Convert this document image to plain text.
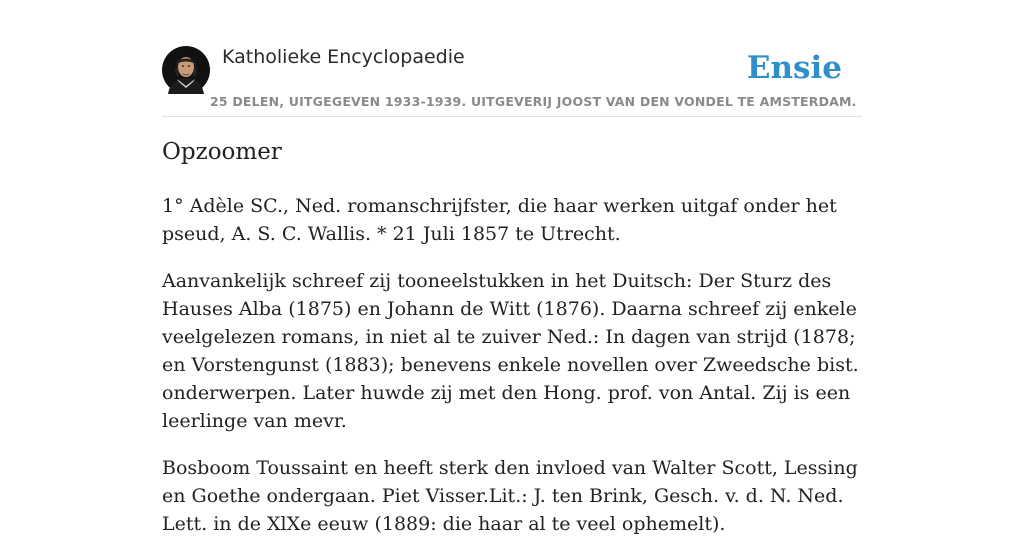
Katholieke Encyclopaedie
25 DELEN, UITGEGEVEN 1933-1939. UITGEVERIJ JOOST VAN DEN VONDEL TE AMSTERDAM.
Ensie
Opzoomer

1° Adèle SC., Ned. romanschrijfster, die haar werken uitgaf onder het pseud, A. S. C. Wallis. * 21 Juli 1857 te Utrecht.

Aanvankelijk schreef zij tooneelstukken in het Duitsch: Der Sturz des Hauses Alba (1875) en Johann de Witt (1876). Daarna schreef zij enkele veelgelezen romans, in niet al te zuiver Ned.: In dagen van strijd (1878; en Vorstengunst (1883); benevens enkele novellen over Zweedsche bist. onderwerpen. Later huwde zij met den Hong. prof. von Antal. Zij is een leerlinge van mevr.

Bosboom Toussaint en heeft sterk den invloed van Walter Scott, Lessing en Goethe ondergaan. Piet Visser.Lit.: J. ten Brink, Gesch. v. d. N. Ned. Lett. in de XlXe eeuw (1889: die haar al te veel ophemelt).
